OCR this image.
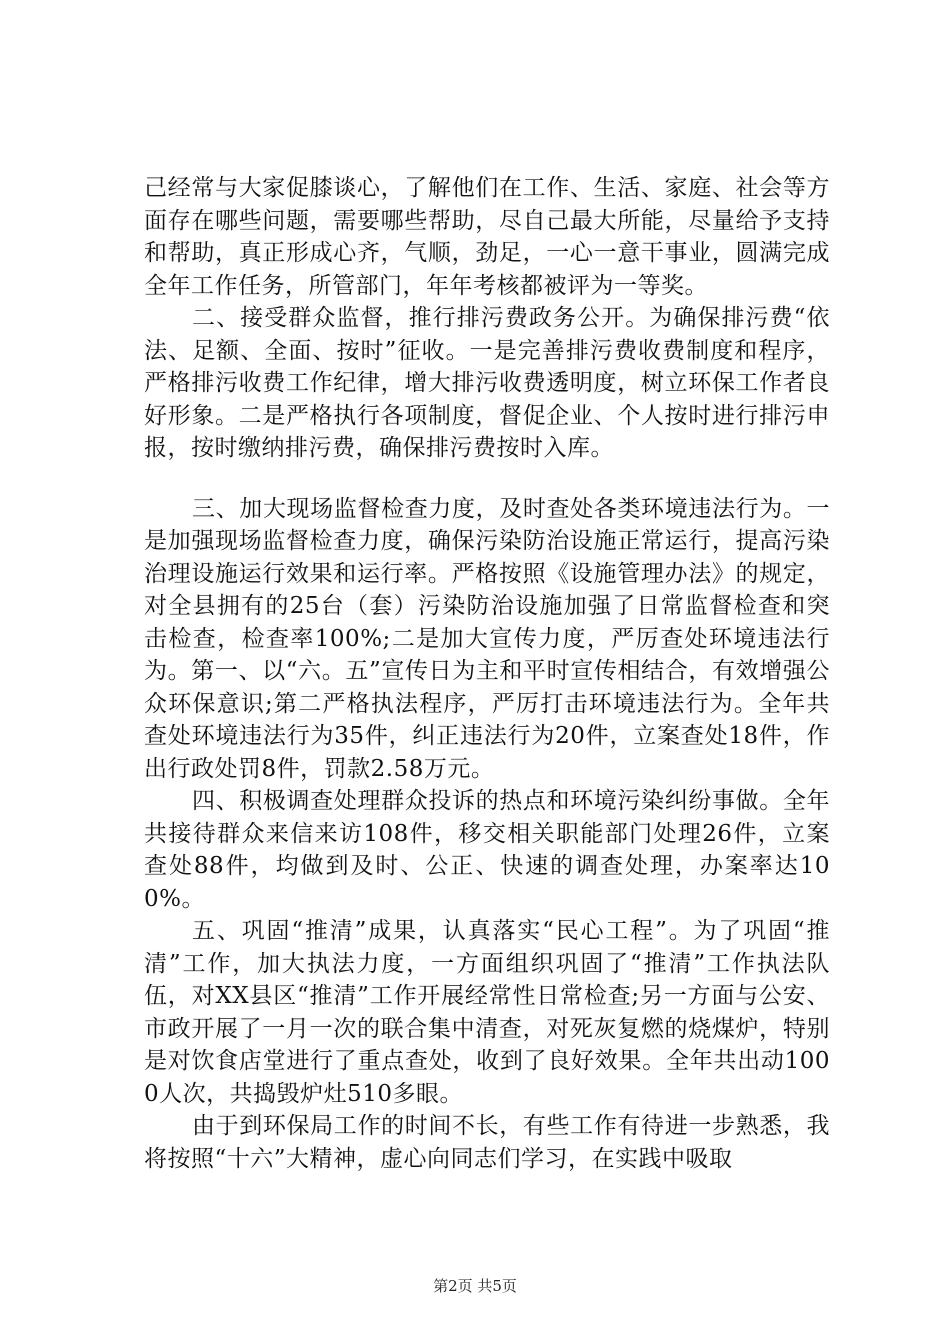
己经常与大家促膝谈心，了解他们在工作、生活、家庭、社会等方面存在哪些问题，需要哪些帮助，尽自己最大所能，尽量给予支持和帮助，真正形成心齐，气顺，劲足，一心一意干事业，圆满完成全年工作任务，所管部门，年年考核都被评为一等奖。

二、接受群众监督，推行排污费政务公开。为确保排污费“依法、足额、全面、按时”征收。一是完善排污费收费制度和程序，严格排污收费工作纪律，增大排污收费透明度，树立环保工作者良好形象。二是严格执行各项制度，督促企业、个人按时进行排污申报，按时缴纳排污费，确保排污费按时入库。

三、加大现场监督检查力度，及时查处各类环境违法行为。一是加强现场监督检查力度，确保污染防治设施正常运行，提高污染治理设施运行效果和运行率。严格按照《设施管理办法》的规定，对全县拥有的25台（套）污染防治设施加强了日常监督检查和突击检查，检查率100%;二是加大宣传力度，严厉查处环境违法行为。第一、以“六。五”宣传日为主和平时宣传相结合，有效增强公众环保意识;第二严格执法程序，严厉打击环境违法行为。全年共查处环境违法行为35件，纠正违法行为20件，立案查处18件，作出行政处罚8件，罚款2.58万元。

四、积极调查处理群众投诉的热点和环境污染纠纷事做。全年共接待群众来信来访108件，移交相关职能部门处理26件，立案查处88件，均做到及时、公正、快速的调查处理，办案率达100%。

五、巩固“推清”成果，认真落实“民心工程”。为了巩固“推清”工作，加大执法力度，一方面组织巩固了“推清”工作执法队伍，对XX县区“推清”工作开展经常性日常检查;另一方面与公安、市政开展了一月一次的联合集中清查，对死灰复燃的烧煤炉，特别是对饮食店堂进行了重点查处，收到了良好效果。全年共出动1000人次，共捣毁炉灶510多眼。

由于到环保局工作的时间不长，有些工作有待进一步熟悉，我将按照“十六”大精神，虚心向同志们学习，在实践中吸取

第2页 共5页
